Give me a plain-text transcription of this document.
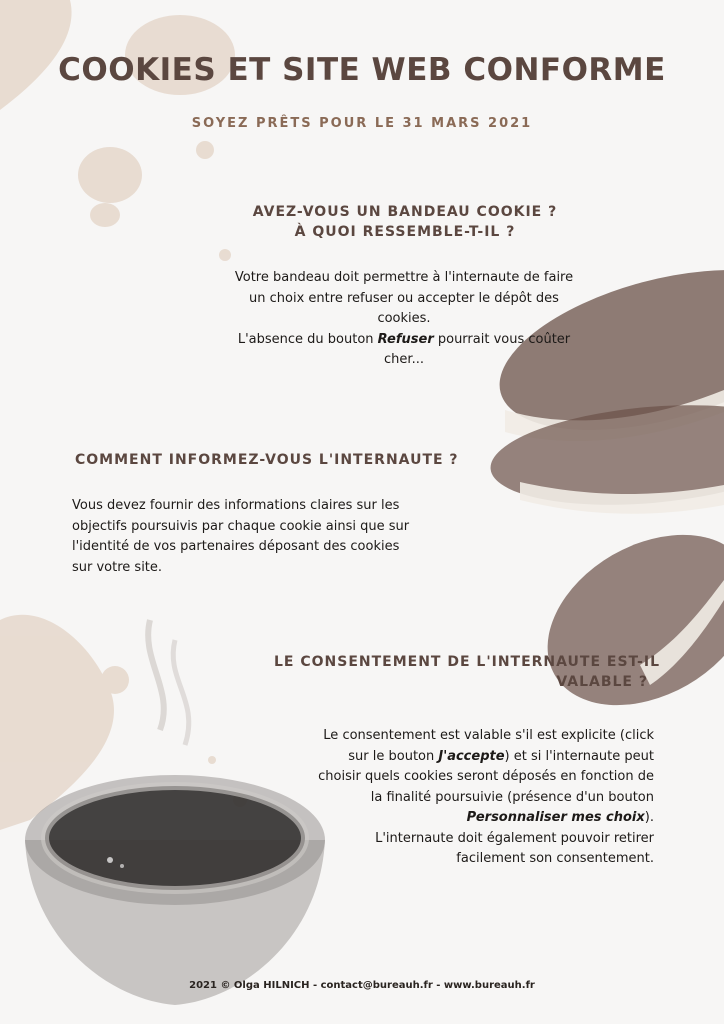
COOKIES ET SITE WEB CONFORME
SOYEZ PRÊTS POUR LE 31 MARS 2021
AVEZ-VOUS UN BANDEAU COOKIE ?
À QUOI RESSEMBLE-T-IL ?
Votre bandeau doit permettre à l'internaute de faire un choix entre refuser ou accepter le dépôt des cookies.
L'absence du bouton Refuser pourrait vous coûter cher...
COMMENT INFORMEZ-VOUS L'INTERNAUTE ?
Vous devez fournir des informations claires sur les objectifs poursuivis par chaque cookie ainsi que sur l'identité de vos partenaires déposant des cookies sur votre site.
LE CONSENTEMENT DE L'INTERNAUTE EST-IL
VALABLE ?
Le consentement est valable s'il est explicite (click sur le bouton J'accepte) et si l'internaute peut choisir quels cookies seront déposés en fonction de la finalité poursuivie (présence d'un bouton Personnaliser mes choix).
L'internaute doit également pouvoir retirer facilement son consentement.
2021 © Olga HILNICH - contact@bureauh.fr - www.bureauh.fr
